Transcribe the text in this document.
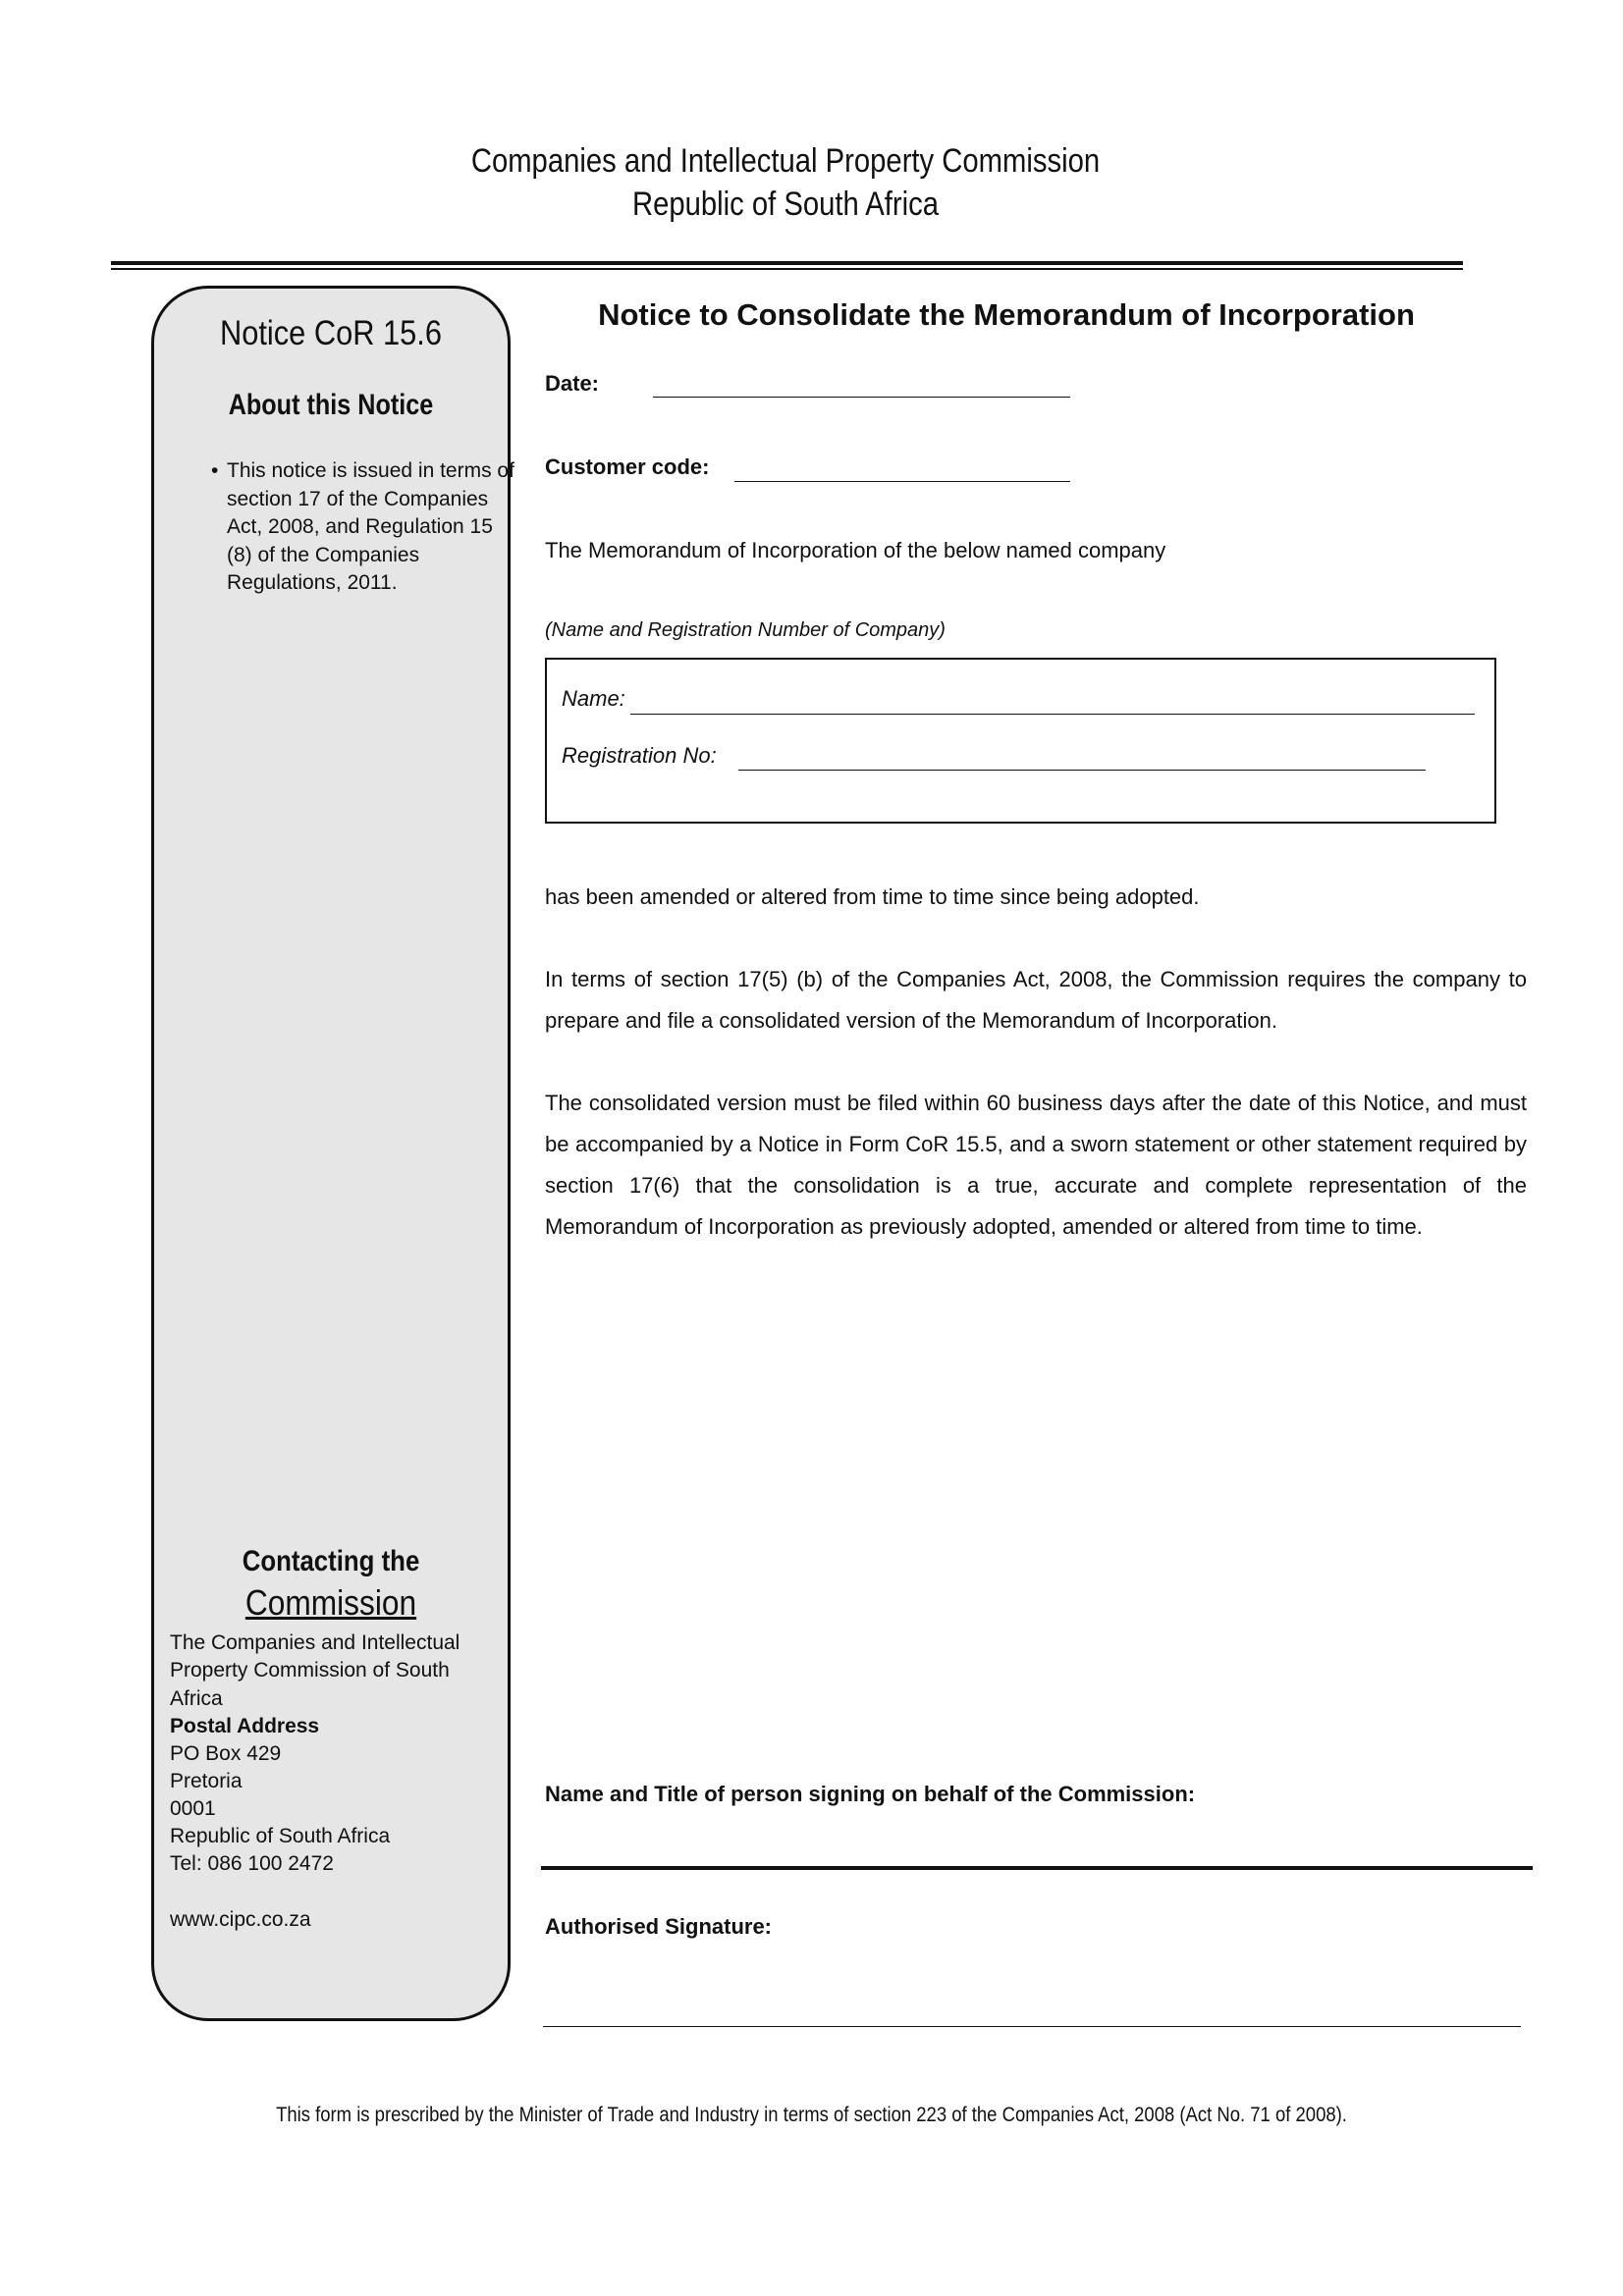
Companies and Intellectual Property Commission
Republic of South Africa
Notice CoR 15.6
About this Notice
• This notice is issued in terms of section 17 of the Companies Act, 2008, and Regulation 15 (8) of the Companies Regulations, 2011.
Contacting the
Commission
The Companies and Intellectual
Property Commission of South Africa
Postal Address
PO Box 429
Pretoria
0001
Republic of South Africa
Tel: 086 100 2472
www.cipc.co.za
Notice to Consolidate the Memorandum of Incorporation
Date:
Customer code:
The Memorandum of Incorporation of the below named company
(Name and Registration Number of Company)
Name:
Registration No:
has been amended or altered from time to time since being adopted.
In terms of section 17(5) (b) of the Companies Act, 2008, the Commission requires the company to prepare and file a consolidated version of the Memorandum of Incorporation.
The consolidated version must be filed within 60 business days after the date of this Notice, and must be accompanied by a Notice in Form CoR 15.5, and a sworn statement or other statement required by section 17(6) that the consolidation is a true, accurate and complete representation of the Memorandum of Incorporation as previously adopted, amended or altered from time to time.
Name and Title of person signing on behalf of the Commission:
Authorised Signature:
This form is prescribed by the Minister of Trade and Industry in terms of section 223 of the Companies Act, 2008 (Act No. 71 of 2008).
